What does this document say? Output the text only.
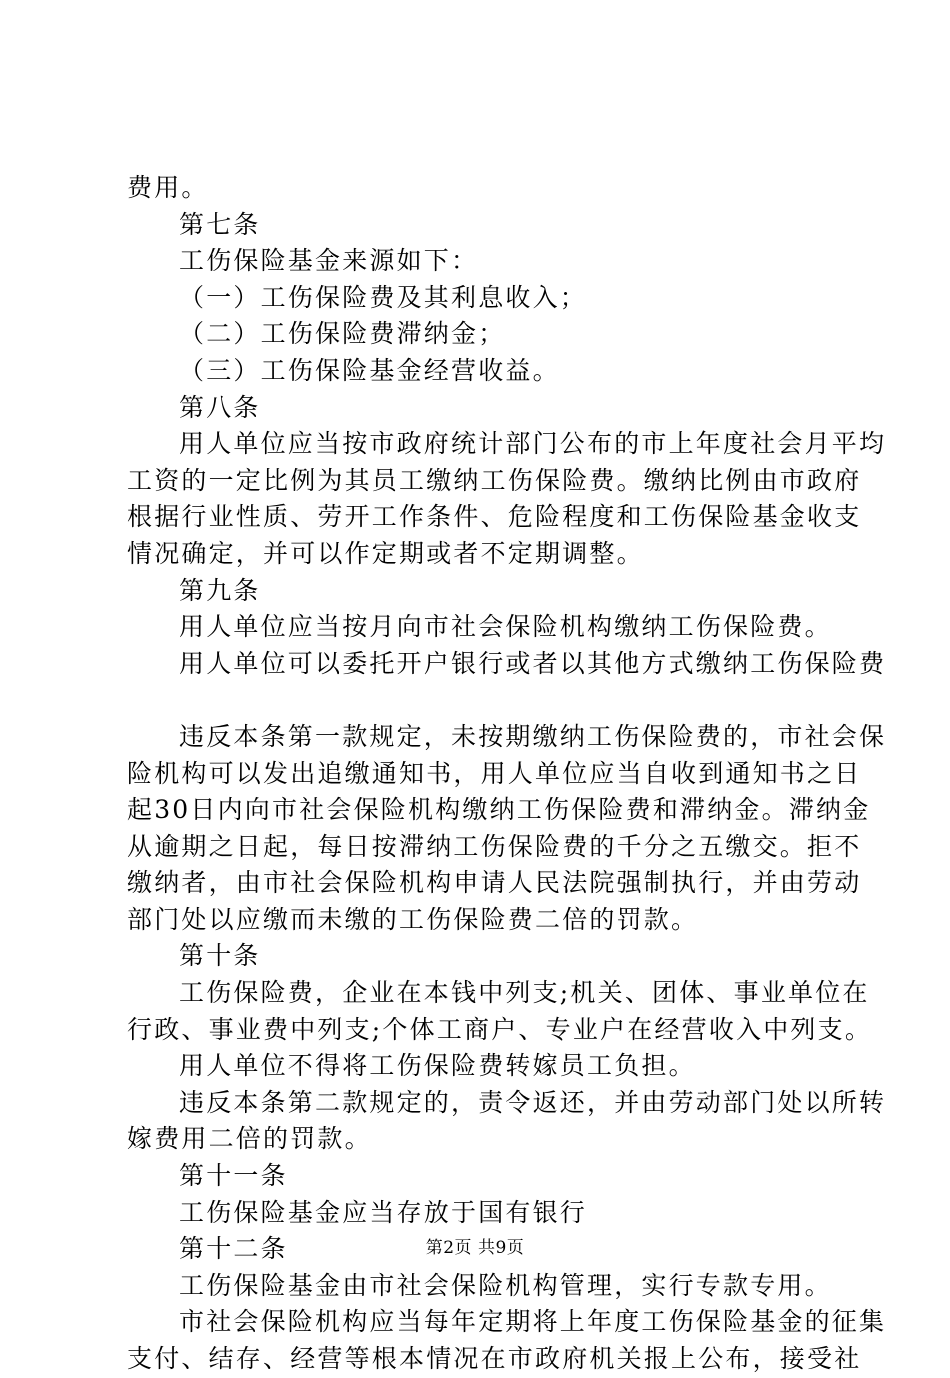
费用。
第七条
工伤保险基金来源如下：
（一）工伤保险费及其利息收入；
（二）工伤保险费滞纳金；
（三）工伤保险基金经营收益。
第八条
用人单位应当按市政府统计部门公布的市上年度社会月平均
工资的一定比例为其员工缴纳工伤保险费。缴纳比例由市政府
根据行业性质、劳开工作条件、危险程度和工伤保险基金收支
情况确定，并可以作定期或者不定期调整。
第九条
用人单位应当按月向市社会保险机构缴纳工伤保险费。
用人单位可以委托开户银行或者以其他方式缴纳工伤保险费
违反本条第一款规定，未按期缴纳工伤保险费的，市社会保
险机构可以发出追缴通知书，用人单位应当自收到通知书之日
起30日内向市社会保险机构缴纳工伤保险费和滞纳金。滞纳金
从逾期之日起，每日按滞纳工伤保险费的千分之五缴交。拒不
缴纳者，由市社会保险机构申请人民法院强制执行，并由劳动
部门处以应缴而未缴的工伤保险费二倍的罚款。
第十条
工伤保险费，企业在本钱中列支;机关、团体、事业单位在
行政、事业费中列支;个体工商户、专业户在经营收入中列支。
用人单位不得将工伤保险费转嫁员工负担。
违反本条第二款规定的，责令返还，并由劳动部门处以所转
嫁费用二倍的罚款。
第十一条
工伤保险基金应当存放于国有银行
第十二条
工伤保险基金由市社会保险机构管理，实行专款专用。
市社会保险机构应当每年定期将上年度工伤保险基金的征集
支付、结存、经营等根本情况在市政府机关报上公布，接受社
第2页 共9页
